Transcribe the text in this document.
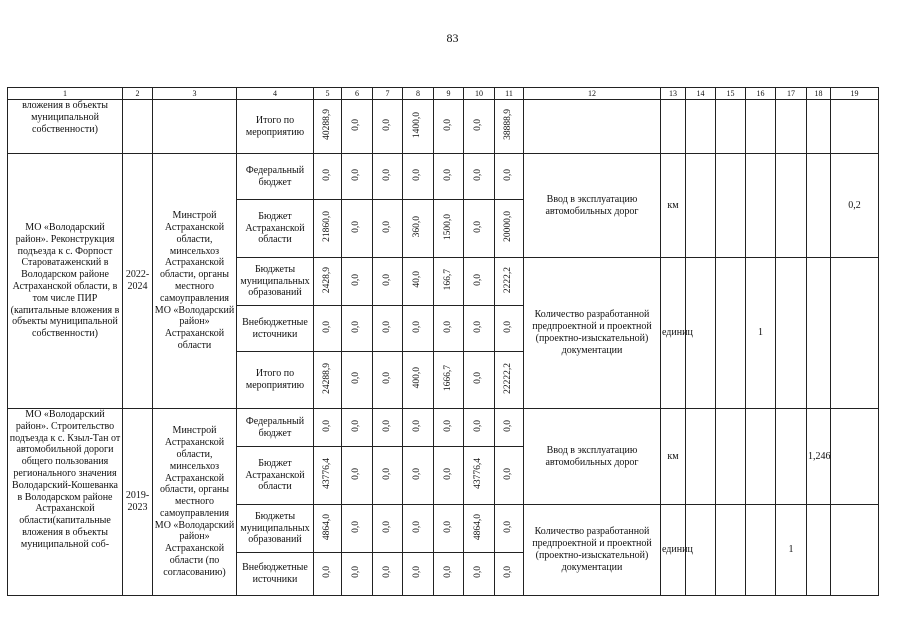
83
1	2	3	4	5	6	7	8	9	10	11	12	13	14	15	16	17	18	19
вложения в объекты муниципальной собственности)			Итого по мероприятию	40288,9	0,0	0,0	1400,0	0,0	0,0	38888,9								
МО «Володарский район». Реконструкция подъезда к с. Форпост Староватаженский в Володарском районе Астраханской области, в том числе ПИР (капитальные вложения в объекты муниципальной собственности)	2022-2024	Минстрой Астраханской области, минсельхоз Астраханской области, органы местного самоуправления МО «Володарский район» Астраханской области	Федеральный бюджет	0,0	0,0	0,0	0,0	0,0	0,0	0,0	Ввод в эксплуатацию автомобильных дорог	км						0,2
			Бюджет Астраханской области	21860,0	0,0	0,0	360,0	1500,0	0,0	20000,0								
			Бюджеты муниципальных образований	2428,9	0,0	0,0	40,0	166,7	0,0	2222,2	Количество разработанной предпроектной и проектной (проектно-изыскательной) документации	единиц			1			
			Внебюджетные источники	0,0	0,0	0,0	0,0	0,0	0,0	0,0								
			Итого по мероприятию	24288,9	0,0	0,0	400,0	1666,7	0,0	22222,2								
МО «Володарский район». Строительство подъезда к с. Кзыл-Тан от автомобильной дороги общего пользования регионального значения Володарский-Кошеванка в Володарском районе Астраханской области(капитальные вложения в объекты муниципальной соб-	2019-2023	Минстрой Астраханской области, минсельхоз Астраханской области, органы местного самоуправления МО «Володарский район» Астраханской области (по согласованию)	Федеральный бюджет	0,0	0,0	0,0	0,0	0,0	0,0	0,0	Ввод в эксплуатацию автомобильных дорог	км					1,246	
			Бюджет Астраханской области	43776,4	0,0	0,0	0,0	0,0	43776,4	0,0								
			Бюджеты муниципальных образований	4864,0	0,0	0,0	0,0	0,0	4864,0	0,0	Количество разработанной предпроектной и проектной (проектно-изыскательной) документации	единиц				1		
			Внебюджетные источники	0,0	0,0	0,0	0,0	0,0	0,0	0,0								
